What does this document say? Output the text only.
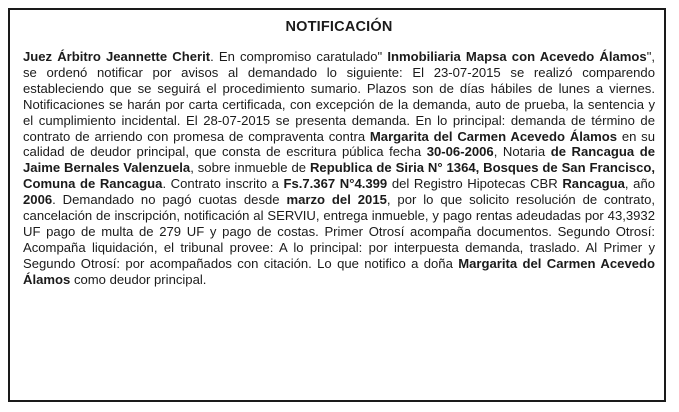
NOTIFICACIÓN

Juez Árbitro Jeannette Cherit. En compromiso caratulado" Inmobiliaria Mapsa con Acevedo Álamos", se ordenó notificar por avisos al demandado lo siguiente: El 23-07-2015 se realizó comparendo estableciendo que se seguirá el procedimiento sumario. Plazos son de días hábiles de lunes a viernes. Notificaciones se harán por carta certificada, con excepción de la demanda, auto de prueba, la sentencia y el cumplimiento incidental. El 28-07-2015 se presenta demanda. En lo principal: demanda de término de contrato de arriendo con promesa de compraventa contra Margarita del Carmen Acevedo Álamos en su calidad de deudor principal, que consta de escritura pública fecha 30-06-2006, Notaria de Rancagua de Jaime Bernales Valenzuela, sobre inmueble de Republica de Siria N° 1364, Bosques de San Francisco, Comuna de Rancagua. Contrato inscrito a Fs.7.367 N°4.399 del Registro Hipotecas CBR Rancagua, año 2006. Demandado no pagó cuotas desde marzo del 2015, por lo que solicito resolución de contrato, cancelación de inscripción, notificación al SERVIU, entrega inmueble, y pago rentas adeudadas por 43,3932 UF pago de multa de 279 UF y pago de costas. Primer Otrosí acompaña documentos. Segundo Otrosí: Acompaña liquidación, el tribunal provee: A lo principal: por interpuesta demanda, traslado. Al Primer y Segundo Otrosí: por acompañados con citación. Lo que notifico a doña Margarita del Carmen Acevedo Álamos como deudor principal.
